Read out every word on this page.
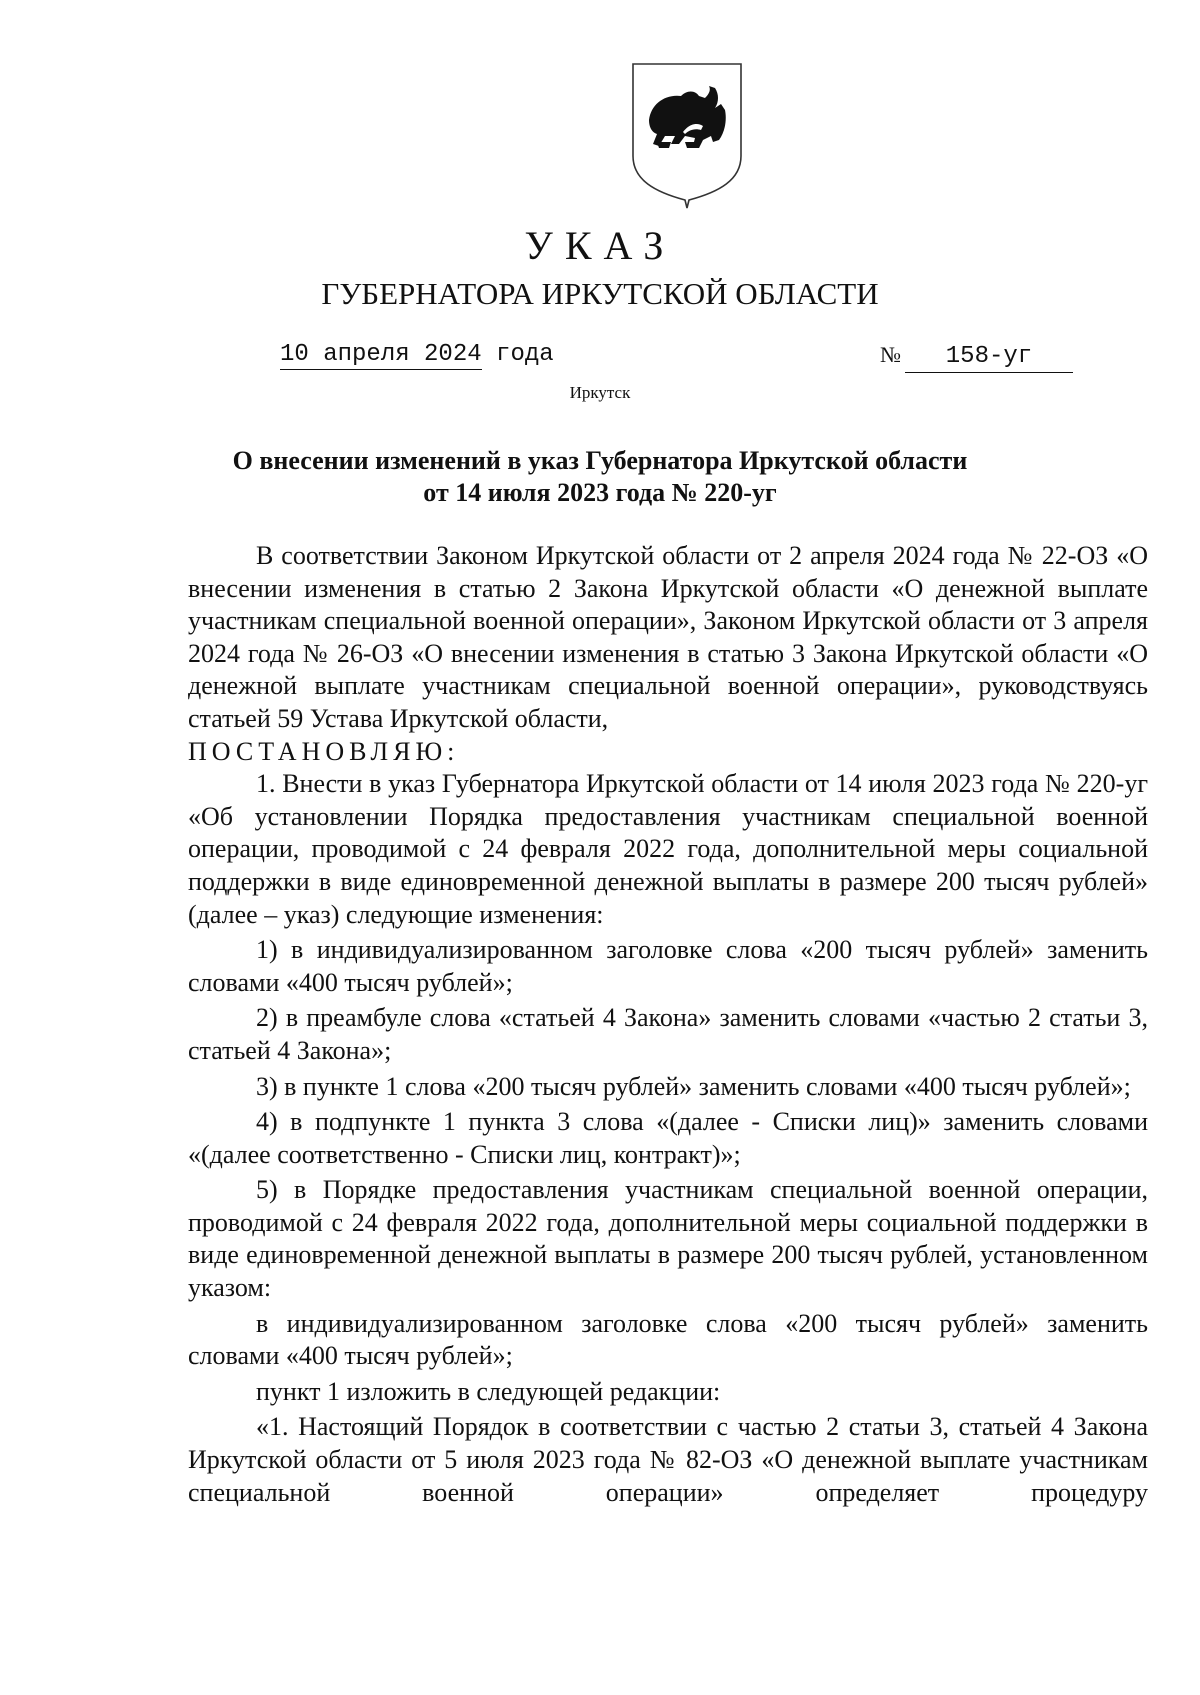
УКАЗ
ГУБЕРНАТОРА ИРКУТСКОЙ ОБЛАСТИ
10 апреля 2024 года	№ 158-уг
Иркутск
О внесении изменений в указ Губернатора Иркутской области
от 14 июля 2023 года № 220-уг

В соответствии Законом Иркутской области от 2 апреля 2024 года № 22-ОЗ «О внесении изменения в статью 2 Закона Иркутской области «О денежной выплате участникам специальной военной операции», Законом Иркутской области от 3 апреля 2024 года № 26-ОЗ «О внесении изменения в статью 3 Закона Иркутской области «О денежной выплате участникам специальной военной операции», руководствуясь статьей 59 Устава Иркутской области,

ПОСТАНОВЛЯЮ:

1. Внести в указ Губернатора Иркутской области от 14 июля 2023 года № 220-уг «Об установлении Порядка предоставления участникам специальной военной операции, проводимой с 24 февраля 2022 года, дополнительной меры социальной поддержки в виде единовременной денежной выплаты в размере 200 тысяч рублей» (далее – указ) следующие изменения:

1) в индивидуализированном заголовке слова «200 тысяч рублей» заменить словами «400 тысяч рублей»;

2) в преамбуле слова «статьей 4 Закона» заменить словами «частью 2 статьи 3, статьей 4 Закона»;

3) в пункте 1 слова «200 тысяч рублей» заменить словами «400 тысяч рублей»;

4) в подпункте 1 пункта 3 слова «(далее - Списки лиц)» заменить словами «(далее соответственно - Списки лиц, контракт)»;

5) в Порядке предоставления участникам специальной военной операции, проводимой с 24 февраля 2022 года, дополнительной меры социальной поддержки в виде единовременной денежной выплаты в размере 200 тысяч рублей, установленном указом:

в индивидуализированном заголовке слова «200 тысяч рублей» заменить словами «400 тысяч рублей»;

пункт 1 изложить в следующей редакции:

«1. Настоящий Порядок в соответствии с частью 2 статьи 3, статьей 4 Закона Иркутской области от 5 июля 2023 года № 82-ОЗ «О денежной выплате участникам специальной военной операции» определяет процедуру
